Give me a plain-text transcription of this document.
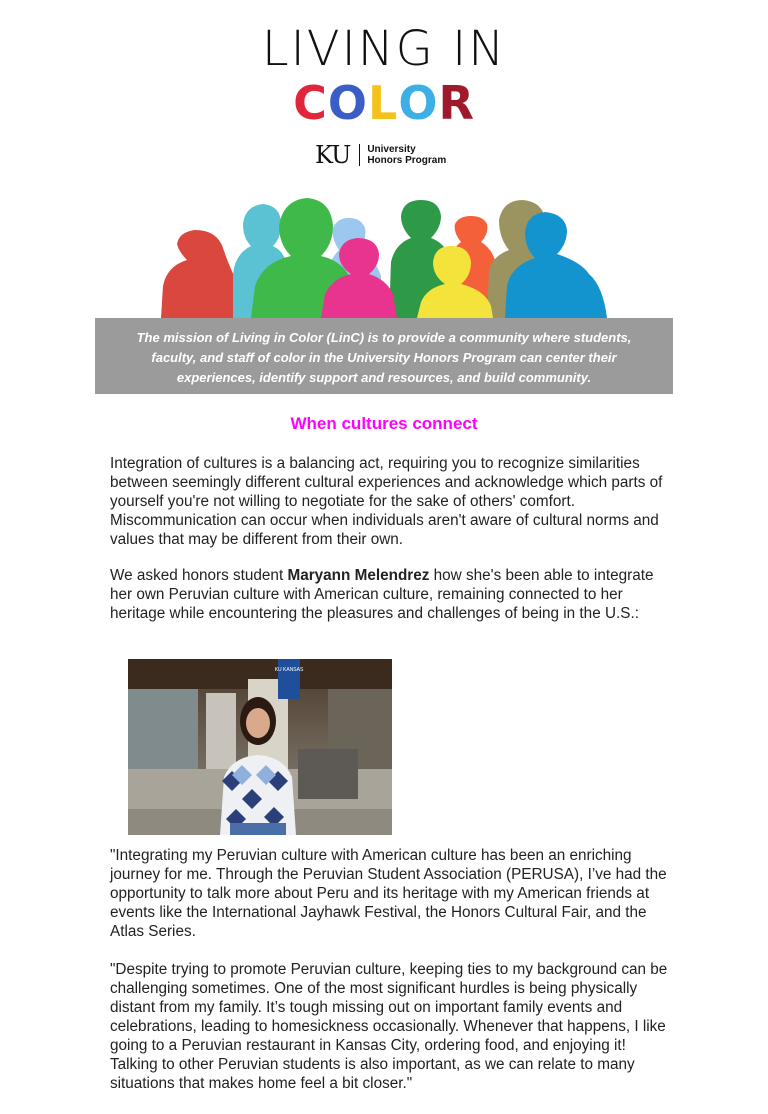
LIVING IN
COLOR
KU University
Honors Program

The mission of Living in Color (LinC) is to provide a community where students, faculty, and staff of color in the University Honors Program can center their experiences, identify support and resources, and build community.

When cultures connect

Integration of cultures is a balancing act, requiring you to recognize similarities between seemingly different cultural experiences and acknowledge which parts of yourself you're not willing to negotiate for the sake of others' comfort. Miscommunication can occur when individuals aren't aware of cultural norms and values that may be different from their own.

We asked honors student Maryann Melendrez how she's been able to integrate her own Peruvian culture with American culture, remaining connected to her heritage while encountering the pleasures and challenges of being in the U.S.:

KU KANSAS

"Integrating my Peruvian culture with American culture has been an enriching journey for me. Through the Peruvian Student Association (PERUSA), I’ve had the opportunity to talk more about Peru and its heritage with my American friends at events like the International Jayhawk Festival, the Honors Cultural Fair, and the Atlas Series.

"Despite trying to promote Peruvian culture, keeping ties to my background can be challenging sometimes. One of the most significant hurdles is being physically distant from my family. It’s tough missing out on important family events and celebrations, leading to homesickness occasionally. Whenever that happens, I like going to a Peruvian restaurant in Kansas City, ordering food, and enjoying it! Talking to other Peruvian students is also important, as we can relate to many situations that makes home feel a bit closer."
